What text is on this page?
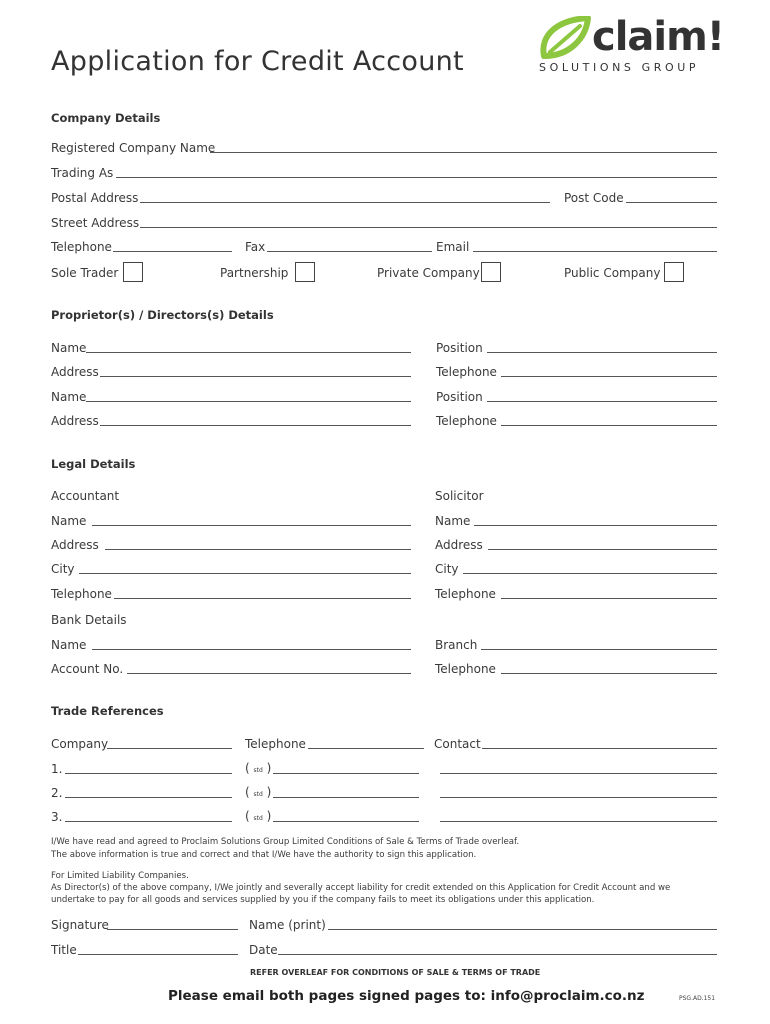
Application for Credit Account
claim!
SOLUTIONS GROUP
Company Details
Registered Company Name
Trading As
Postal Address	Post Code
Street Address
Telephone	Fax	Email
Sole Trader	Partnership	Private Company	Public Company
Proprietor(s) / Directors(s) Details
Name	Position
Address	Telephone
Name	Position
Address	Telephone
Legal Details
Accountant	Solicitor
Name	Name
Address	Address
City	City
Telephone	Telephone
Bank Details
Name	Branch
Account No.	Telephone
Trade References
Company	Telephone	Contact
1.	( std )
2.	( std )
3.	( std )
I/We have read and agreed to Proclaim Solutions Group Limited Conditions of Sale & Terms of Trade overleaf.
The above information is true and correct and that I/We have the authority to sign this application.
For Limited Liability Companies.
As Director(s) of the above company, I/We jointly and severally accept liability for credit extended on this Application for Credit Account and we
undertake to pay for all goods and services supplied by you if the company fails to meet its obligations under this application.
Signature	Name (print)
Title	Date
REFER OVERLEAF FOR CONDITIONS OF SALE & TERMS OF TRADE
Please email both pages signed pages to: info@proclaim.co.nz	PSG.AD.151
